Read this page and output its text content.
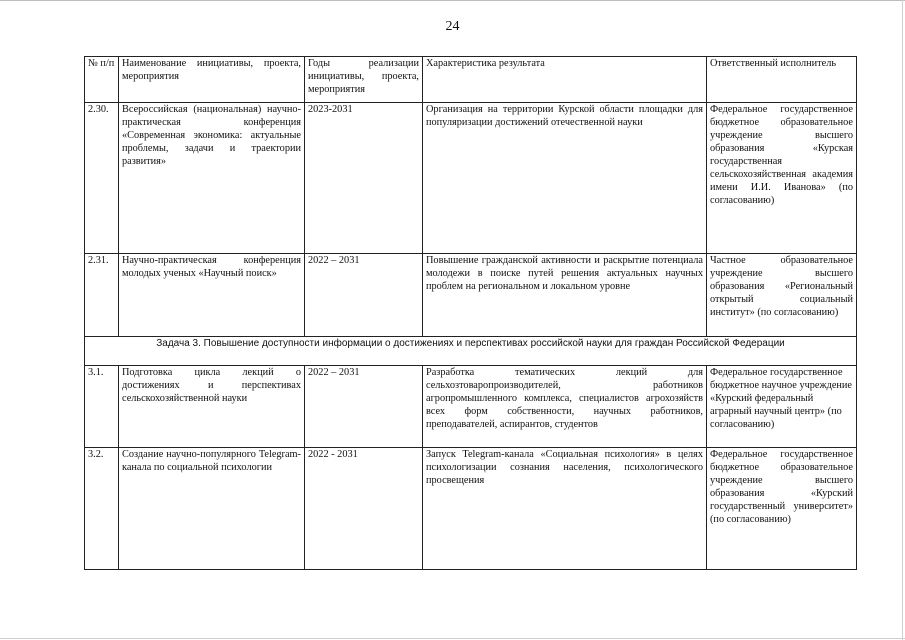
24
№ п/п	Наименование инициативы, проекта, мероприятия	Годы реализации инициативы, проекта, мероприятия	Характеристика результата	Ответственный исполнитель
2.30.	Всероссийская (национальная) научно-практическая конференция «Современная экономика: актуальные проблемы, задачи и траектории развития»	2023-2031	Организация на территории Курской области площадки для популяризации достижений отечественной науки	Федеральное государственное бюджетное образовательное учреждение высшего образования «Курская государственная сельскохозяйственная академия имени И.И. Иванова» (по согласованию)
2.31.	Научно-практическая конференция молодых ученых «Научный поиск»	2022 – 2031	Повышение гражданской активности и раскрытие потенциала молодежи в поиске путей решения актуальных научных проблем на региональном и локальном уровне	Частное образовательное учреждение высшего образования «Региональный открытый социальный институт» (по согласованию)
Задача 3. Повышение доступности информации о достижениях и перспективах российской науки для граждан Российской Федерации				
3.1.	Подготовка цикла лекций о достижениях и перспективах сельскохозяйственной науки	2022 – 2031	Разработка тематических лекций для сельхозтоваропроизводителей, работников агропромышленного комплекса, специалистов агрохозяйств всех форм собственности, научных работников, преподавателей, аспирантов, студентов	Федеральное государственное бюджетное научное учреждение «Курский федеральный аграрный научный центр» (по согласованию)
3.2.	Создание научно-популярного Telegram-канала по социальной психологии	2022 - 2031	Запуск Telegram-канала «Социальная психология» в целях психологизации сознания населения, психологического просвещения	Федеральное государственное бюджетное образовательное учреждение высшего образования «Курский государственный университет» (по согласованию)
